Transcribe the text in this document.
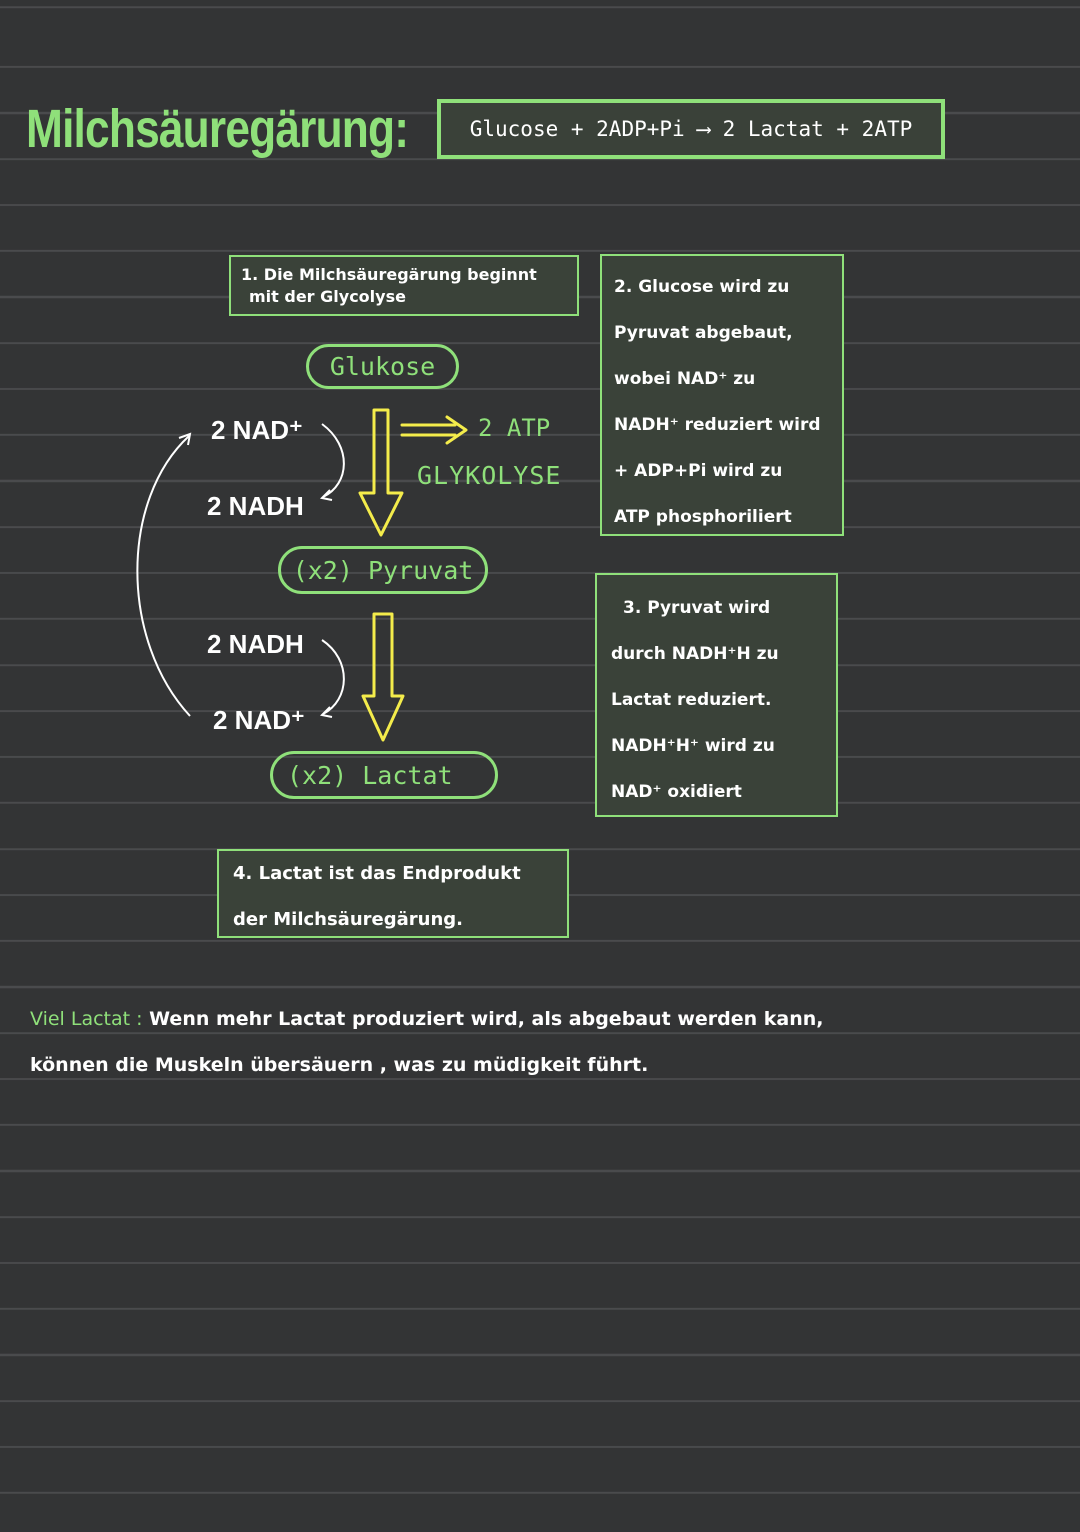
Milchsäuregärung:	Glucose + 2ADP+Pi ⟶ 2 Lactat + 2ATP

1. Die Milchsäuregärung beginnt

mit der Glycolyse	2. Glucose wird zu

Pyruvat abgebaut,

wobei NAD⁺ zu

NADH⁺ reduziert wird

+ ADP+Pi wird zu

ATP phosphoriliert

3. Pyruvat wird

durch NADH⁺H zu

Lactat reduziert.

NADH⁺H⁺ wird zu

NAD⁺ oxidiert

4. Lactat ist das Endprodukt

der Milchsäuregärung.

Glukose
(x2) Pyruvat
(x2) Lactat
2 ATP
GLYKOLYSE
2 NAD⁺
2 NADH
2 NADH
2 NAD⁺

Viel Lactat : Wenn mehr Lactat produziert wird, als abgebaut werden kann,

können die Muskeln übersäuern , was zu müdigkeit führt.
